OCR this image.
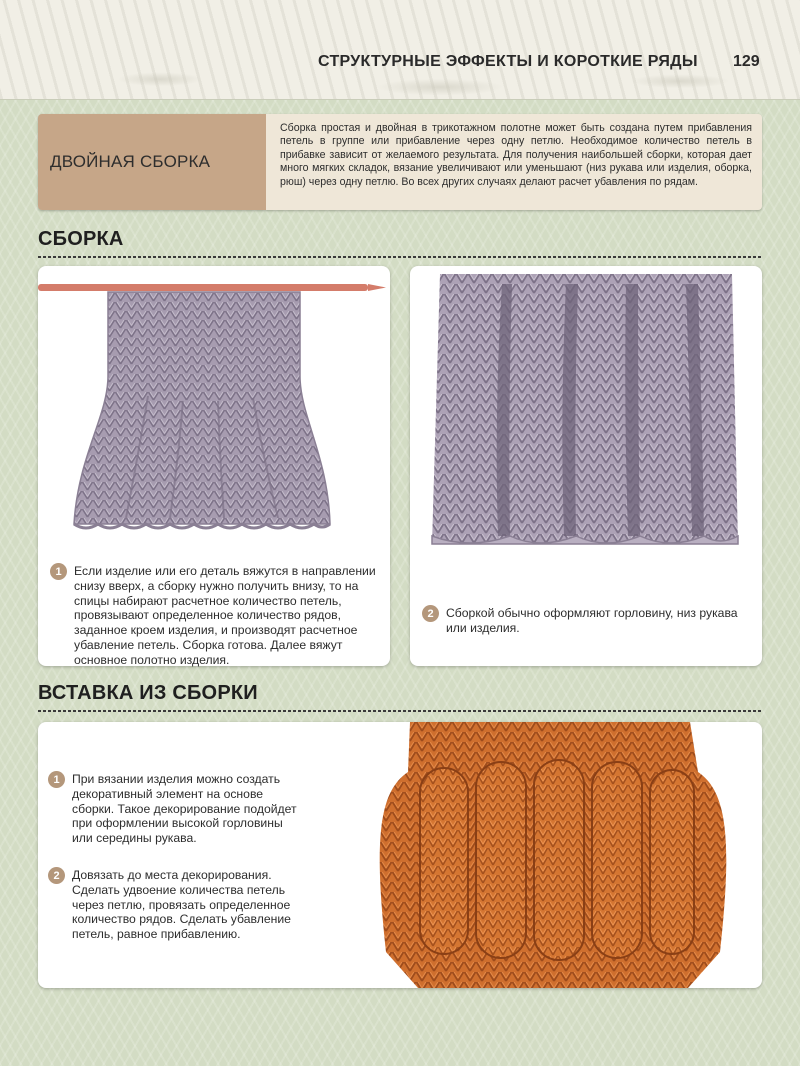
СТРУКТУРНЫЕ ЭФФЕКТЫ И КОРОТКИЕ РЯДЫ 129
ДВОЙНАЯ СБОРКА
Сборка простая и двойная в трикотажном полотне может быть создана путем прибавления петель в группе или прибавление через одну петлю. Необходимое количество петель в прибавке зависит от желаемого результата. Для получения наибольшей сборки, которая дает много мягких складок, вязание увеличивают или уменьшают (низ рукава или изделия, оборка, рюш) через одну петлю. Во всех других случаях делают расчет убавления по рядам.
СБОРКА
1	Если изделие или его деталь вяжутся в направлении снизу вверх, а сборку нужно получить внизу, то на спицы набирают расчетное количество петель, провязывают определенное количество рядов, заданное кроем изделия, и производят расчетное убавление петель. Сборка готова. Далее вяжут основное полотно изделия.
2	Сборкой обычно оформляют горловину, низ рукава или изделия.
ВСТАВКА ИЗ СБОРКИ
1	При вязании изделия можно создать декоративный элемент на основе сборки. Такое декорирование подойдет при оформлении высокой горловины или середины рукава.
2	Довязать до места декорирования. Сделать удвоение количества петель через петлю, провязать определенное количество рядов. Сделать убавление петель, равное прибавлению.
